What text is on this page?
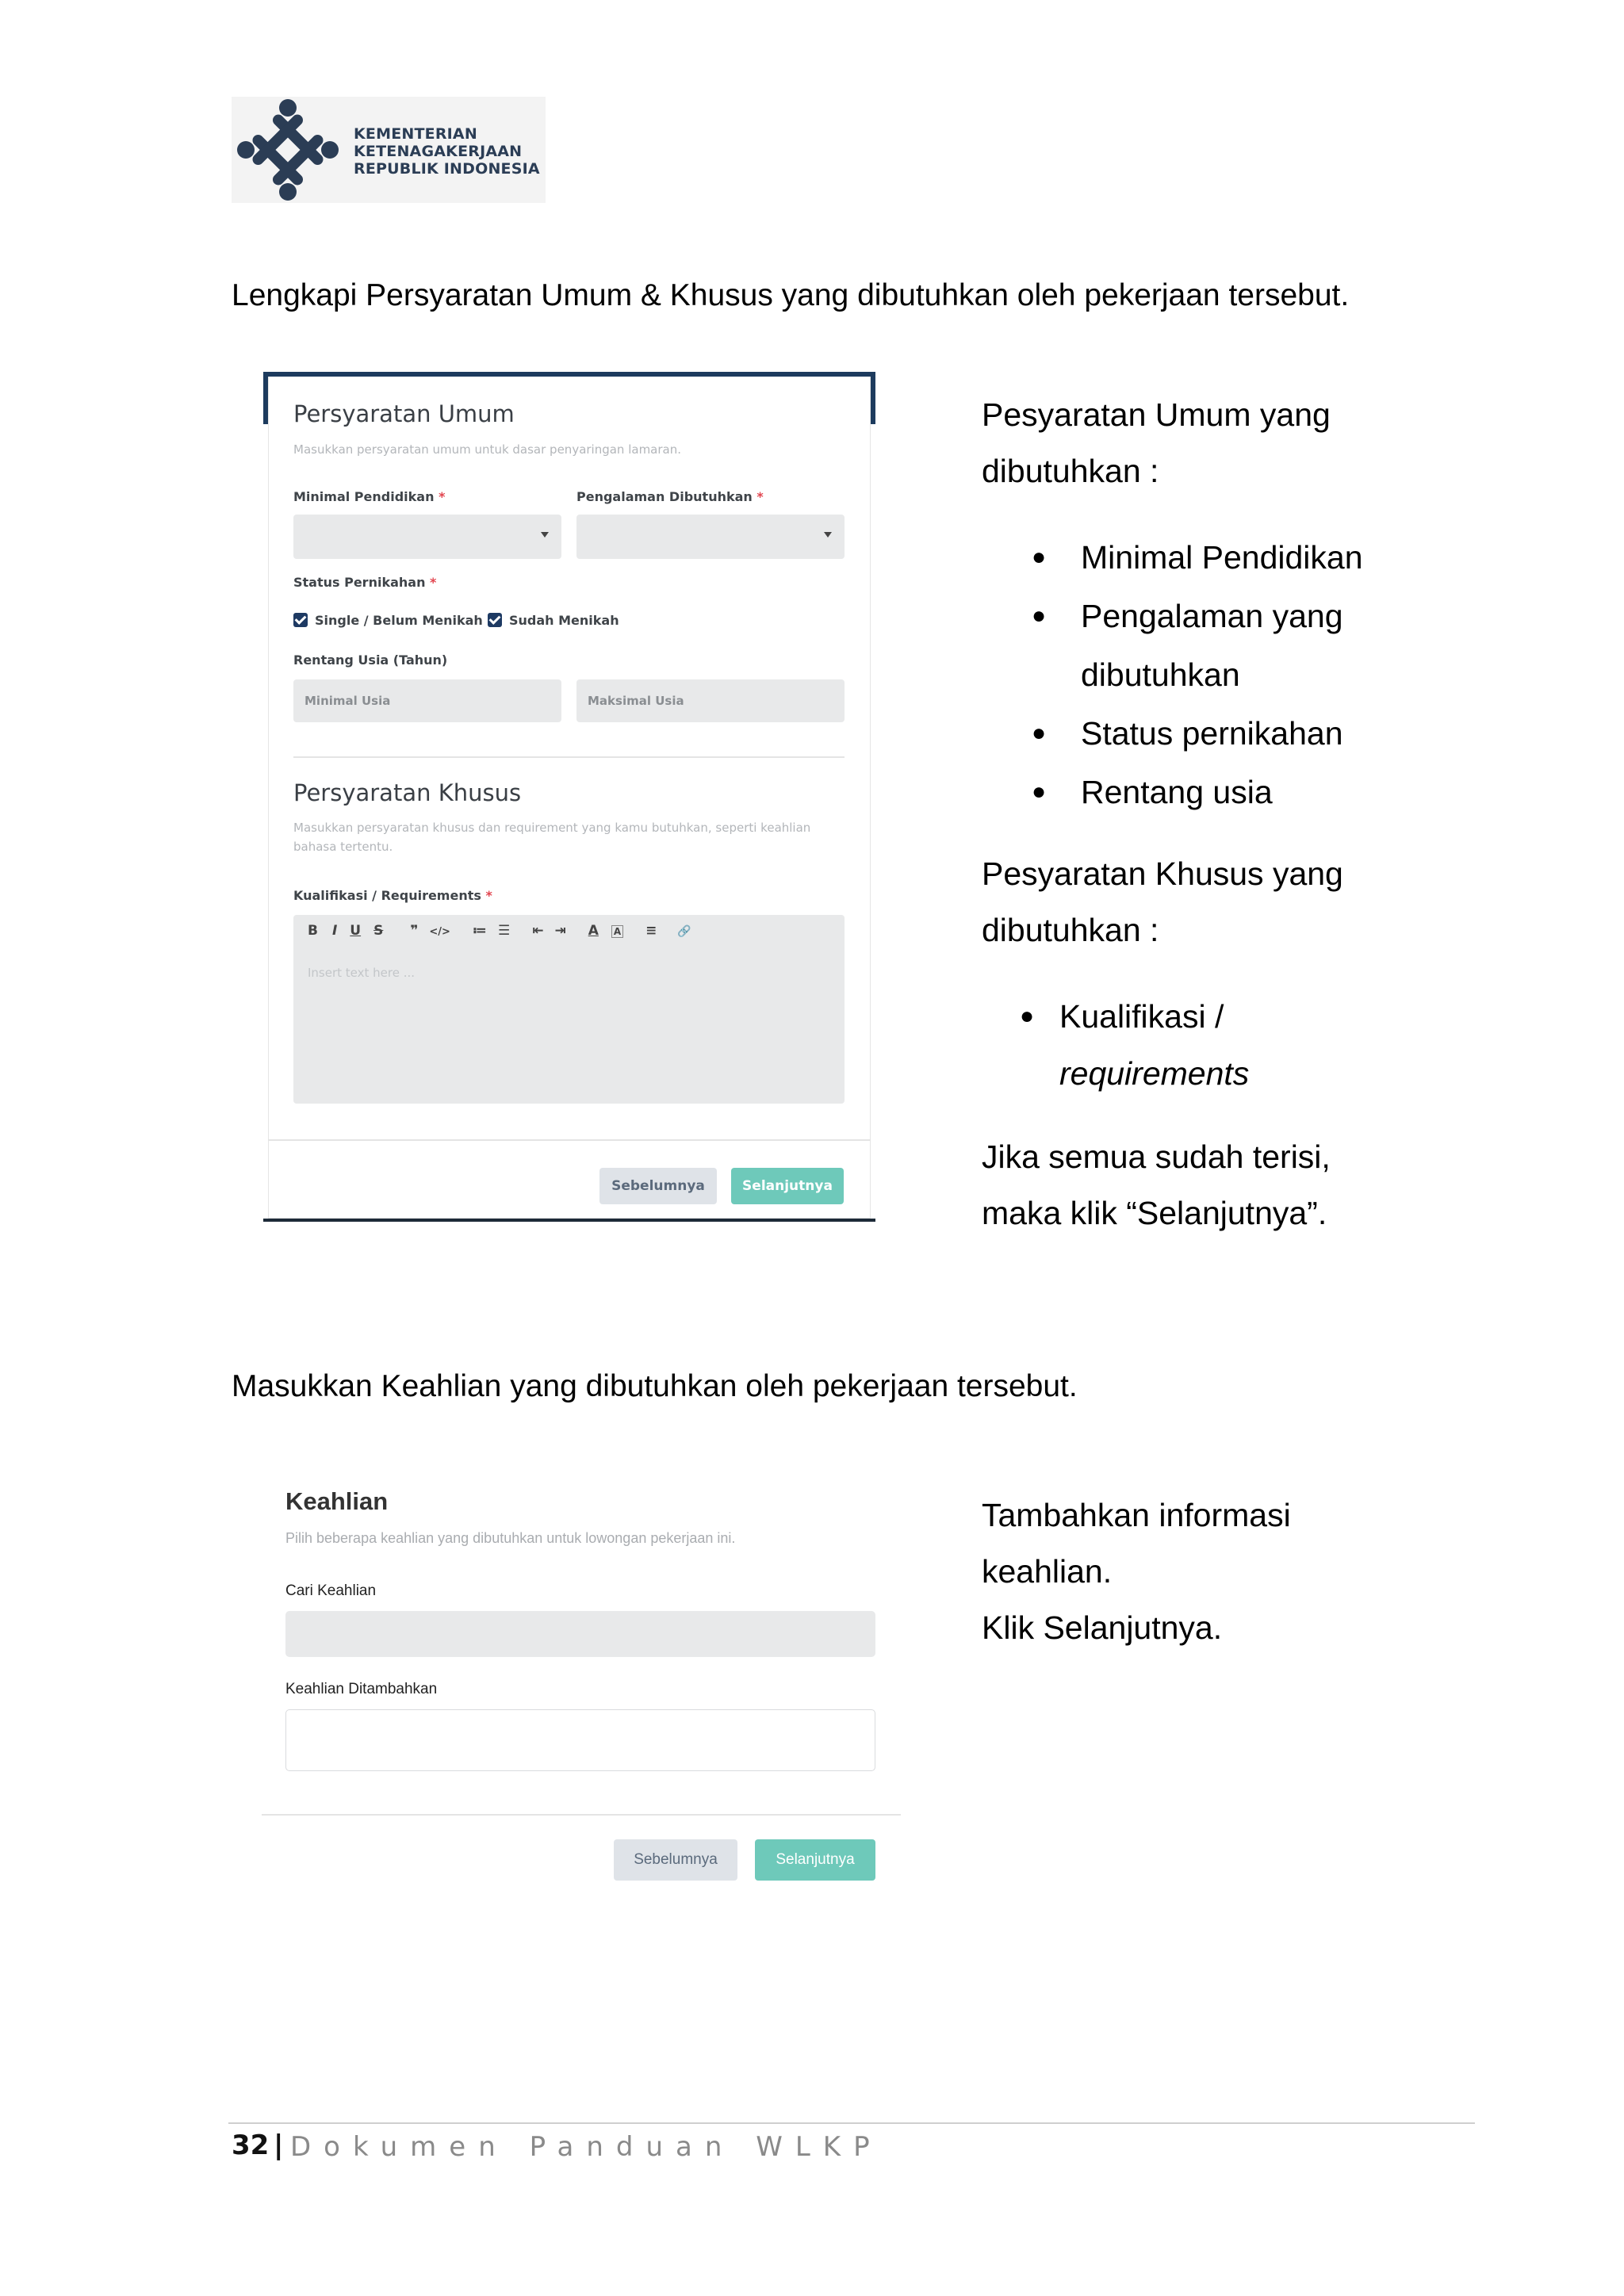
KEMENTERIAN
KETENAGAKERJAAN
REPUBLIK INDONESIA
Lengkapi Persyaratan Umum & Khusus yang dibutuhkan oleh pekerjaan tersebut.
Persyaratan Umum
Masukkan persyaratan umum untuk dasar penyaringan lamaran.
Minimal Pendidikan *	Pengalaman Dibutuhkan *
Status Pernikahan *
Single / Belum Menikah Sudah Menikah
Rentang Usia (Tahun)
Minimal Usia	Maksimal Usia
Persyaratan Khusus
Masukkan persyaratan khusus dan requirement yang kamu butuhkan, seperti keahlian bahasa tertentu.
Kualifikasi / Requirements *
B I U S ❞ </> ≔ ☰ ⇤ ⇥ A A ≡ 🔗
Insert text here ...
Sebelumnya	Selanjutnya
Pesyaratan Umum yang
dibutuhkan :
● Minimal Pendidikan
● Pengalaman yang
dibutuhkan
● Status pernikahan
● Rentang usia
Pesyaratan Khusus yang
dibutuhkan :
● Kualifikasi /
requirements
Jika semua sudah terisi,
maka klik “Selanjutnya”.
Masukkan Keahlian yang dibutuhkan oleh pekerjaan tersebut.
Keahlian
Pilih beberapa keahlian yang dibutuhkan untuk lowongan pekerjaan ini.
Cari Keahlian
Keahlian Ditambahkan
Sebelumnya	Selanjutnya
Tambahkan informasi
keahlian.
Klik Selanjutnya.
32 | Dokumen Panduan WLKP
